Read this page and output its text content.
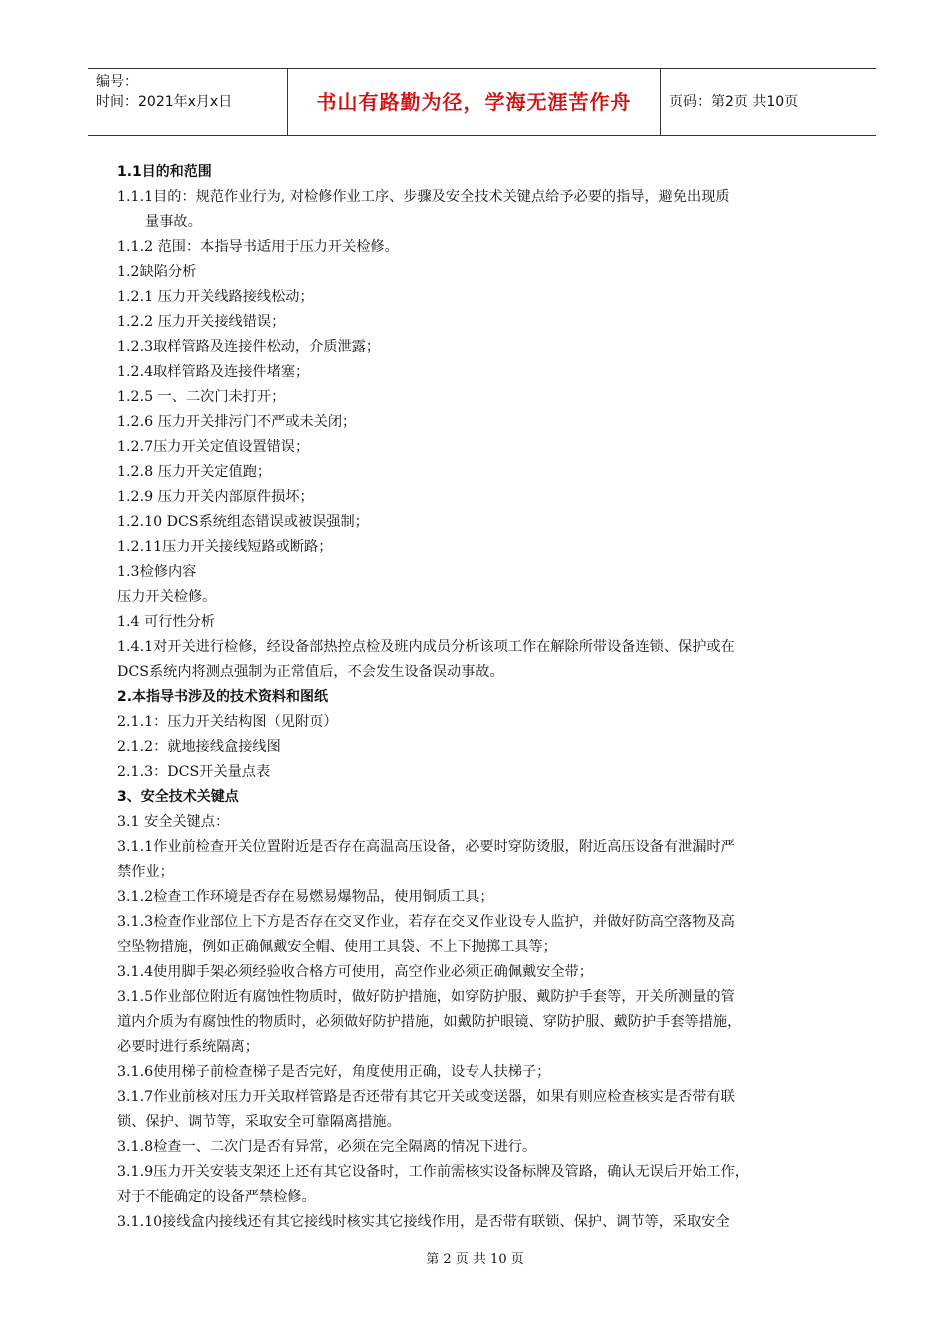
编号：
时间：2021年x月x日	书山有路勤为径，学海无涯苦作舟	页码：第2页 共10页
1.1目的和范围
1.1.1目的：规范作业行为, 对检修作业工序、步骤及安全技术关键点给予必要的指导，避免出现质
量事故。
1.1.2 范围：本指导书适用于压力开关检修。
1.2缺陷分析
1.2.1 压力开关线路接线松动；
1.2.2 压力开关接线错误；
1.2.3取样管路及连接件松动，介质泄露；
1.2.4取样管路及连接件堵塞；
1.2.5 一、二次门未打开；
1.2.6 压力开关排污门不严或未关闭；
1.2.7压力开关定值设置错误；
1.2.8 压力开关定值跑；
1.2.9 压力开关内部原件损坏；
1.2.10 DCS系统组态错误或被误强制；
1.2.11压力开关接线短路或断路；
1.3检修内容
压力开关检修。
1.4 可行性分析
1.4.1对开关进行检修，经设备部热控点检及班内成员分析该项工作在解除所带设备连锁、保护或在
DCS系统内将测点强制为正常值后，不会发生设备误动事故。
2.本指导书涉及的技术资料和图纸
2.1.1：压力开关结构图（见附页）
2.1.2：就地接线盒接线图
2.1.3：DCS开关量点表
3、安全技术关键点
3.1 安全关键点：
3.1.1作业前检查开关位置附近是否存在高温高压设备，必要时穿防烫服，附近高压设备有泄漏时严
禁作业；
3.1.2检查工作环境是否存在易燃易爆物品，使用铜质工具；
3.1.3检查作业部位上下方是否存在交叉作业，若存在交叉作业设专人监护，并做好防高空落物及高
空坠物措施，例如正确佩戴安全帽、使用工具袋、不上下抛掷工具等；
3.1.4使用脚手架必须经验收合格方可使用，高空作业必须正确佩戴安全带；
3.1.5作业部位附近有腐蚀性物质时，做好防护措施，如穿防护服、戴防护手套等，开关所测量的管
道内介质为有腐蚀性的物质时，必须做好防护措施，如戴防护眼镜、穿防护服、戴防护手套等措施，
必要时进行系统隔离；
3.1.6使用梯子前检查梯子是否完好，角度使用正确，设专人扶梯子；
3.1.7作业前核对压力开关取样管路是否还带有其它开关或变送器，如果有则应检查核实是否带有联
锁、保护、调节等，采取安全可靠隔离措施。
3.1.8检查一、二次门是否有异常，必须在完全隔离的情况下进行。
3.1.9压力开关安装支架还上还有其它设备时，工作前需核实设备标牌及管路，确认无误后开始工作，
对于不能确定的设备严禁检修。
3.1.10接线盒内接线还有其它接线时核实其它接线作用，是否带有联锁、保护、调节等，采取安全
第 2 页 共 10 页
